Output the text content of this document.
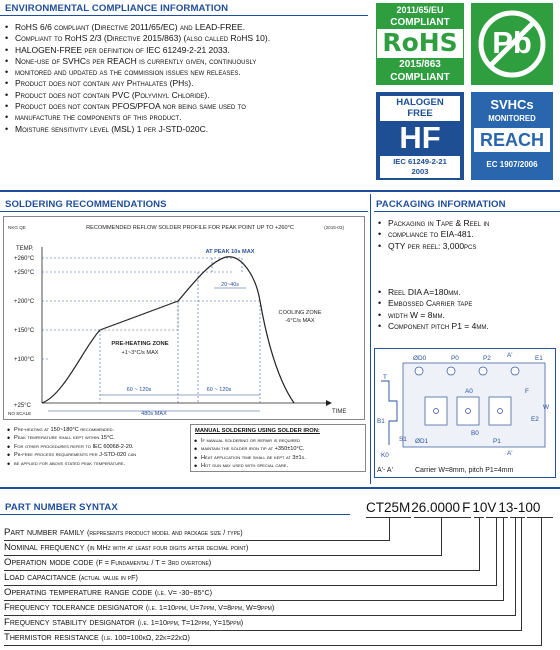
ENVIRONMENTAL COMPLIANCE INFORMATION
• RoHS 6/6 compliant (Directive 2011/65/EC) and LEAD-FREE.
• Compliant to RoHS 2/3 (Directive 2015/863) (also called RoHS 10).
• HALOGEN-FREE per definition of IEC 61249-2-21 2033.
• None-use of SVHCs per REACH is currently given, continuously
• monitored and updated as the commission issues new releases.
• Product does not contain any Phthalates (PHs).
• Product does not contain PVC (Polyvinyl Chloride).
• Product does not contain PFOS/PFOA nor being same used to
• manufacture the components of this product.
• Moisture sensitivity level (MSL) 1 per J-STD-020C.
2011/65/EU
COMPLIANT
RoHS
2015/863
COMPLIANT
Pb
HALOGEN
FREE
HF
IEC 61249-2-21
2003
SVHCs
MONITORED
REACH
EC 1907/2006
SOLDERING RECOMMENDATIONS
NKG QE	RECOMMENDED REFLOW SOLDER PROFILE FOR PEAK POINT UP TO +260°C	(2015-03)
TEMP.
TIME
NO SCALE
+260°C
+250°C
+200°C
+150°C
+100°C
+25°C
AT PEAK 10s MAX
20~40s
COOLING ZONE
-6°C/s MAX
PRE-HEATING ZONE
+1~3°C/s MAX
60 ~ 120s	60 ~ 120s
480s MAX
• Pre-heating at 150~180°C recommended.
• Peak temperature shall kept within 15°C.
• For other procedures refer to IEC 60068-2-20.
• Pb-free process requirements per J-STD-020 can
• be applied for above stated peak temperature.
MANUAL SOLDERING USING SOLDER IRON:
• If manual soldering or repair is required
• maintain the solder iron tip at +350±10°C.
• Heat application time shall be kept at 3±1s.
• Hot gun may used with special care.
PACKAGING INFORMATION
• Packaging in Tape & Reel in
• compliance to EIA-481.
• QTY per reel: 3,000pcs
• Reel DIA A=180mm.
• Embossed Carrier tape
• width W = 8mm.
• Component pitch P1 = 4mm.
ØD0	P0	P2	E1
A'
A'
F
A0
B0
B1	E2
W
T
K0
S1 ØD1	P1
A'- A'	Carrier W=8mm, pitch P1=4mm
PART NUMBER SYNTAX	CT25M26.0000 F 10V 13-100
Part number family (represents product model and package size / type)
Nominal frequency (in MHz with at least four digits after decimal point)
Operation mode code (F = Fundamental / T = 3rd overtone)
Load capacitance (actual value in pF)
Operating temperature range code (i.e. V= -30~85°C)
Frequency tolerance designator (i.e. 1=10ppm, U=7ppm, V=8ppm, W=9ppm)
Frequency stability designator (i.e. 1=10ppm, T=12ppm, Y=15ppm)
Thermistor resistance (i.e. 100=100kΩ, 22k=22kΩ)
